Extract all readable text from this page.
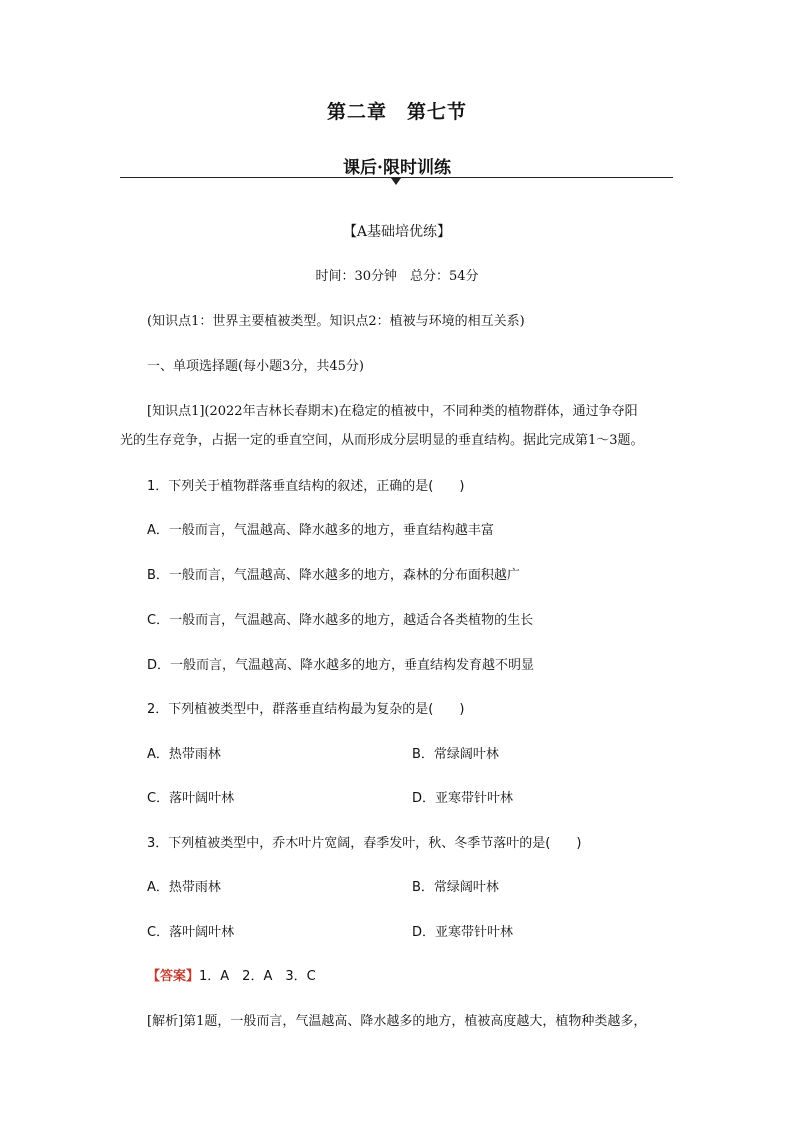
第二章　第七节
课后·限时训练
【A基础培优练】
时间：30分钟　总分：54分
(知识点1：世界主要植被类型。知识点2：植被与环境的相互关系)
一、单项选择题(每小题3分，共45分)
[知识点1](2022年吉林长春期末)在稳定的植被中，不同种类的植物群体，通过争夺阳
光的生存竞争，占据一定的垂直空间，从而形成分层明显的垂直结构。据此完成第1～3题。
1．下列关于植物群落垂直结构的叙述，正确的是(　　)
A．一般而言，气温越高、降水越多的地方，垂直结构越丰富
B．一般而言，气温越高、降水越多的地方，森林的分布面积越广
C．一般而言，气温越高、降水越多的地方，越适合各类植物的生长
D．一般而言，气温越高、降水越多的地方，垂直结构发育越不明显
2．下列植被类型中，群落垂直结构最为复杂的是(　　)
A．热带雨林	B．常绿阔叶林
C．落叶阔叶林	D．亚寒带针叶林
3．下列植被类型中，乔木叶片宽阔，春季发叶，秋、冬季节落叶的是(　　)
A．热带雨林	B．常绿阔叶林
C．落叶阔叶林	D．亚寒带针叶林
【答案】1．A　2．A　3．C
[解析]第1题，一般而言，气温越高、降水越多的地方，植被高度越大，植物种类越多，
